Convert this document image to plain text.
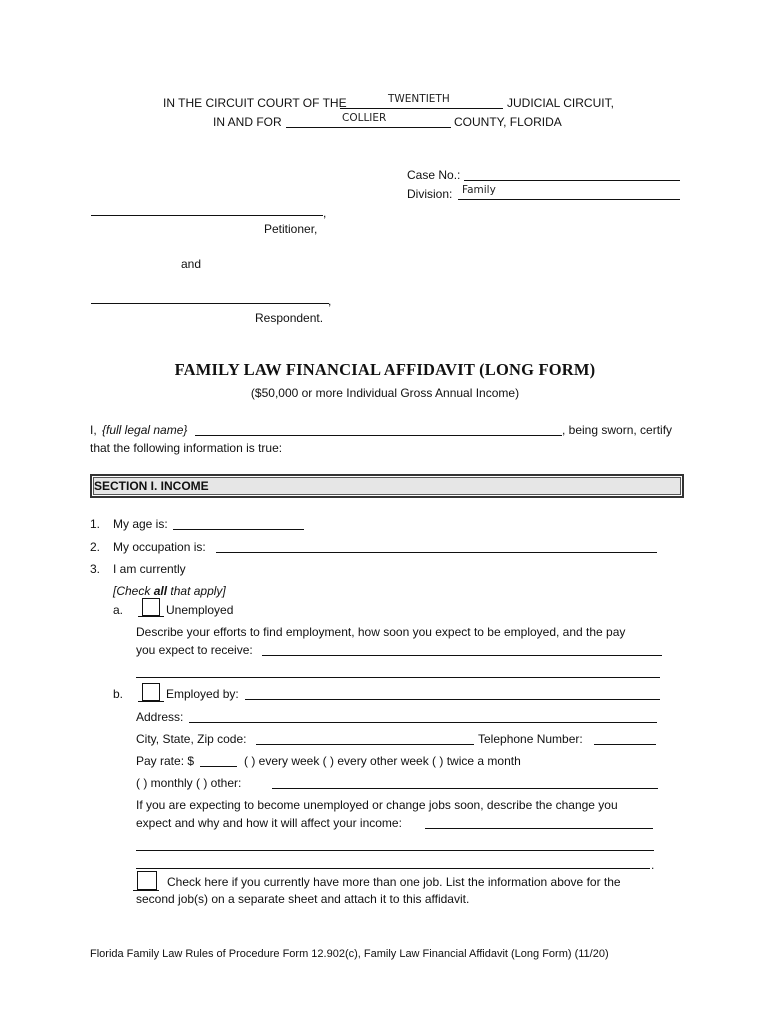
IN THE CIRCUIT COURT OF THE	TWENTIETH	JUDICIAL CIRCUIT,
IN AND FOR	COLLIER	COUNTY, FLORIDA
Case No.:
Division: Family
,
Petitioner,
and
,
Respondent.
FAMILY LAW FINANCIAL AFFIDAVIT (LONG FORM)
($50,000 or more Individual Gross Annual Income)
I, {full legal name}	, being sworn, certify
that the following information is true:
SECTION I. INCOME
1. My age is:
2. My occupation is:
3. I am currently
[Check all that apply]
a.	Unemployed
Describe your efforts to find employment, how soon you expect to be employed, and the pay
you expect to receive:
b.	Employed by:
Address:
City, State, Zip code:	Telephone Number:
Pay rate: $	( ) every week ( ) every other week ( ) twice a month
( ) monthly ( ) other:
If you are expecting to become unemployed or change jobs soon, describe the change you
expect and why and how it will affect your income:
.
Check here if you currently have more than one job. List the information above for the
second job(s) on a separate sheet and attach it to this affidavit.
Florida Family Law Rules of Procedure Form 12.902(c), Family Law Financial Affidavit (Long Form) (11/20)
